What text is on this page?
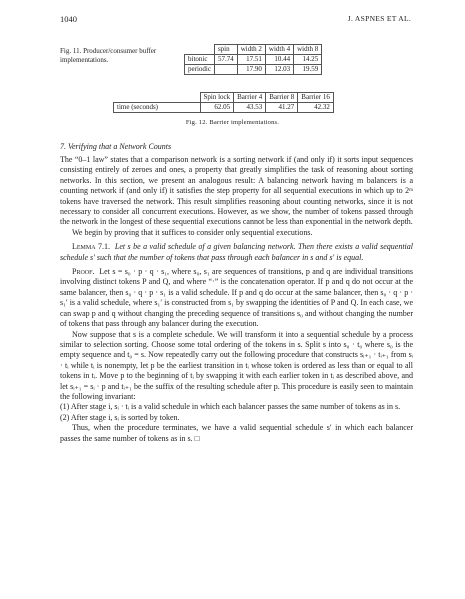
1040	J. ASPNES ET AL.
Fig. 11. Producer/consumer buffer implementations.
	spin	width 2	width 4	width 8
bitonic	57.74	17.51	10.44	14.25
periodic		17.90	12.03	19.59
	Spin lock	Barrier 4	Barrier 8	Barrier 16
time (seconds)	62.05	43.53	41.27	42.32
Fig. 12. Barrier implementations.
7. Verifying that a Network Counts

The “0–1 law” states that a comparison network is a sorting network if (and only if) it sorts input sequences consisting entirely of zeroes and ones, a property that greatly simplifies the task of reasoning about sorting networks. In this section, we present an analogous result: A balancing network having m balancers is a counting network if (and only if) it satisfies the step property for all sequential executions in which up to 2ᵐ tokens have traversed the network. This result simplifies reasoning about counting networks, since it is not necessary to consider all concurrent executions. However, as we show, the number of tokens passed through the network in the longest of these sequential executions cannot be less than exponential in the network depth.

We begin by proving that it suffices to consider only sequential executions.

Lemma 7.1. Let s be a valid schedule of a given balancing network. Then there exists a valid sequential schedule s′ such that the number of tokens that pass through each balancer in s and s′ is equal.

Proof. Let s = s₀ · p · q · s₁, where s₀, s₁ are sequences of transitions, p and q are individual transitions involving distinct tokens P and Q, and where “·” is the concatenation operator. If p and q do not occur at the same balancer, then s₀ · q · p · s₁ is a valid schedule. If p and q do occur at the same balancer, then s₀ · q · p · s₁′ is a valid schedule, where s₁′ is constructed from s₁ by swapping the identities of P and Q. In each case, we can swap p and q without changing the preceding sequence of transitions s₀ and without changing the number of tokens that pass through any balancer during the execution.

Now suppose that s is a complete schedule. We will transform it into a sequential schedule by a process similar to selection sorting. Choose some total ordering of the tokens in s. Split s into s₀ · t₀ where s₀ is the empty sequence and t₀ = s. Now repeatedly carry out the following procedure that constructs sᵢ₊₁ · tᵢ₊₁ from sᵢ · tᵢ while tᵢ is nonempty, let p be the earliest transition in tᵢ whose token is ordered as less than or equal to all tokens in tᵢ. Move p to the beginning of tᵢ by swapping it with each earlier token in tᵢ as described above, and let sᵢ₊₁ = sᵢ · p and tᵢ₊₁ be the suffix of the resulting schedule after p. This procedure is easily seen to maintain the following invariant:

(1) After stage i, sᵢ · tᵢ is a valid schedule in which each balancer passes the same number of tokens as in s.

(2) After stage i, sᵢ is sorted by token.

Thus, when the procedure terminates, we have a valid sequential schedule s′ in which each balancer passes the same number of tokens as in s. □
